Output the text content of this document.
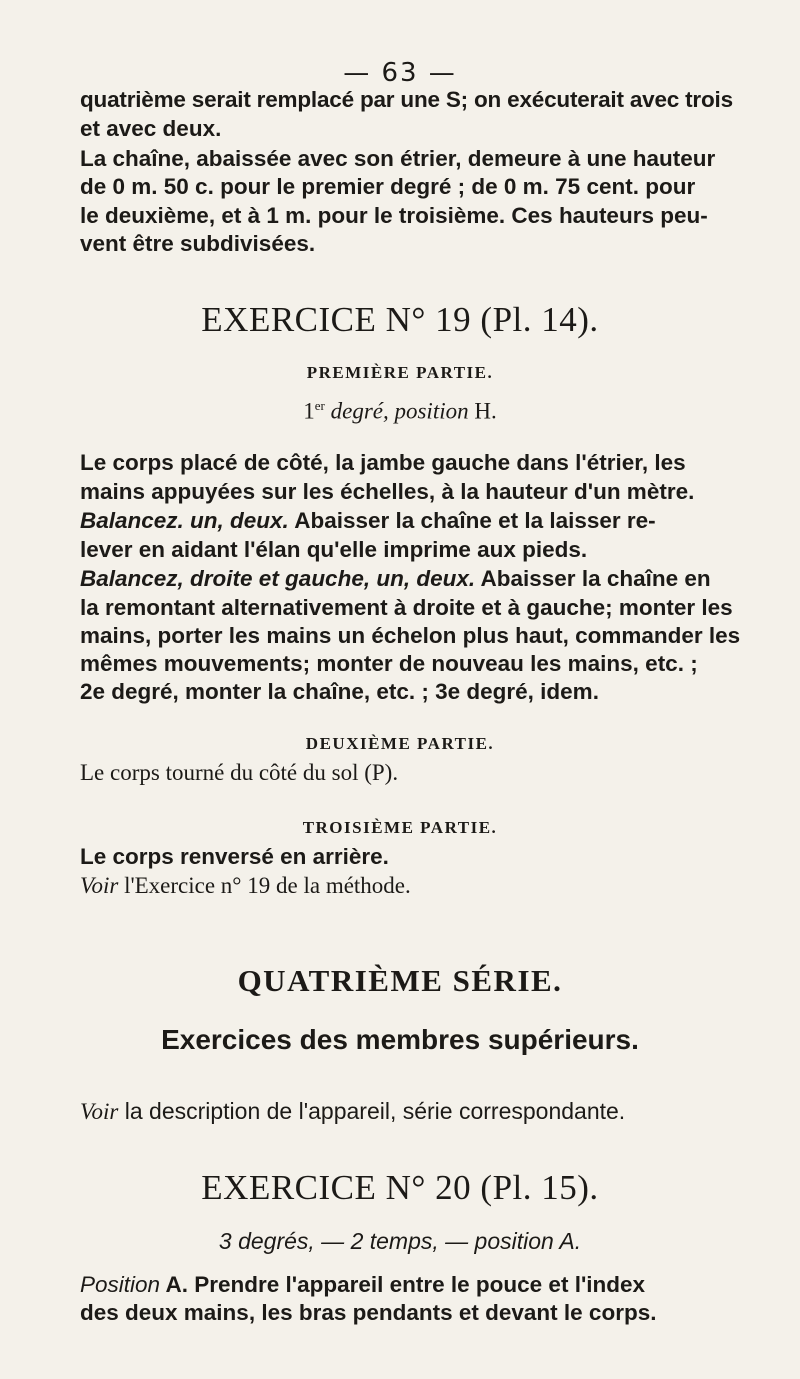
— 63 —
quatrième serait remplacé par une S; on exécuterait avec trois
et avec deux.
La chaîne, abaissée avec son étrier, demeure à une hauteur
de 0 m. 50 c. pour le premier degré ; de 0 m. 75 cent. pour
le deuxième, et à 1 m. pour le troisième. Ces hauteurs peu-
vent être subdivisées.
EXERCICE N° 19 (Pl. 14).
PREMIÈRE PARTIE.
1er degré, position H.
Le corps placé de côté, la jambe gauche dans l'étrier, les
mains appuyées sur les échelles, à la hauteur d'un mètre.
Balancez. un, deux. Abaisser la chaîne et la laisser re-
lever en aidant l'élan qu'elle imprime aux pieds.
Balancez, droite et gauche, un, deux. Abaisser la chaîne en
la remontant alternativement à droite et à gauche; monter les
mains, porter les mains un échelon plus haut, commander les
mêmes mouvements; monter de nouveau les mains, etc. ;
2e degré, monter la chaîne, etc. ; 3e degré, idem.
DEUXIÈME PARTIE.
Le corps tourné du côté du sol (P).
TROISIÈME PARTIE.
Le corps renversé en arrière.
Voir l'Exercice n° 19 de la méthode.
QUATRIÈME SÉRIE.
Exercices des membres supérieurs.
Voir la description de l'appareil, série correspondante.
EXERCICE N° 20 (Pl. 15).
3 degrés, — 2 temps, — position A.
Position A. Prendre l'appareil entre le pouce et l'index
des deux mains, les bras pendants et devant le corps.
